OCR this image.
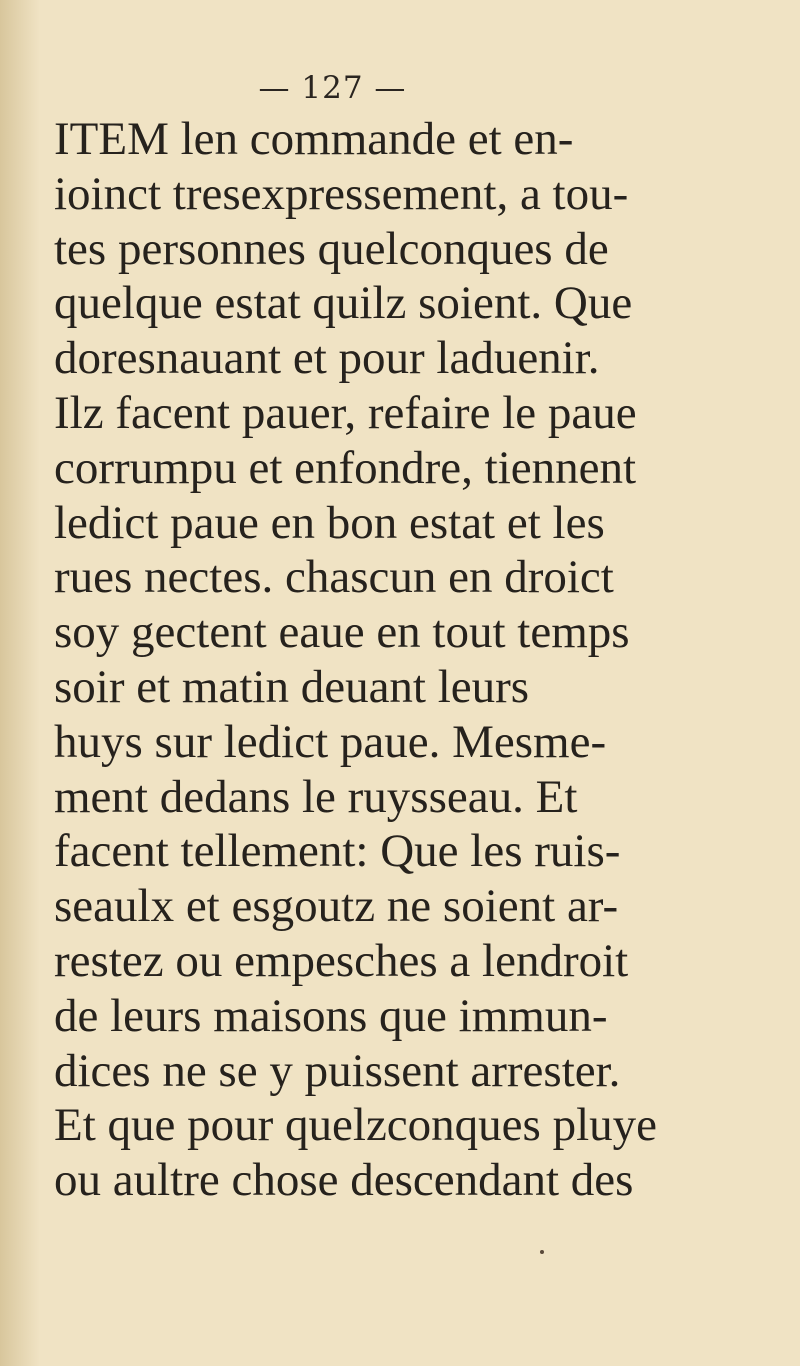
— 127 —
ITEM len commande et en-
ioinct tresexpressement, a tou-
tes personnes quelconques de
quelque estat quilz soient. Que
doresnauant et pour laduenir.
Ilz facent pauer, refaire le paue
corrumpu et enfondre, tiennent
ledict paue en bon estat et les
rues nectes. chascun en droict
soy gectent eaue en tout temps
soir et matin deuant leurs
huys sur ledict paue. Mesme-
ment dedans le ruysseau. Et
facent tellement: Que les ruis-
seaulx et esgoutz ne soient ar-
restez ou empesches a lendroit
de leurs maisons que immun-
dices ne se y puissent arrester.
Et que pour quelzconques pluye
ou aultre chose descendant des
